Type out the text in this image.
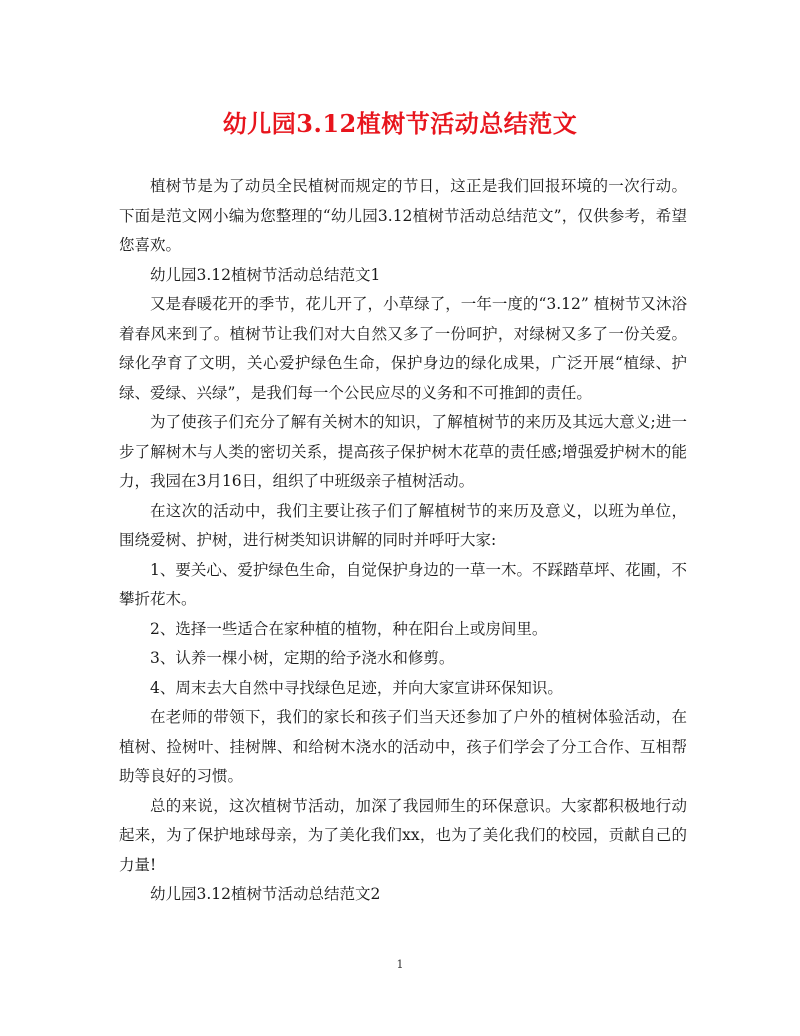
幼儿园3.12植树节活动总结范文

植树节是为了动员全民植树而规定的节日，这正是我们回报环境的一次行动。下面是范文网小编为您整理的“幼儿园3.12植树节活动总结范文”，仅供参考，希望您喜欢。

幼儿园3.12植树节活动总结范文1

又是春暖花开的季节，花儿开了，小草绿了，一年一度的“3.12” 植树节又沐浴着春风来到了。植树节让我们对大自然又多了一份呵护，对绿树又多了一份关爱。绿化孕育了文明，关心爱护绿色生命，保护身边的绿化成果，广泛开展“植绿、护绿、爱绿、兴绿”，是我们每一个公民应尽的义务和不可推卸的责任。

为了使孩子们充分了解有关树木的知识，了解植树节的来历及其远大意义;进一步了解树木与人类的密切关系，提高孩子保护树木花草的责任感;增强爱护树木的能力，我园在3月16日，组织了中班级亲子植树活动。

在这次的活动中，我们主要让孩子们了解植树节的来历及意义，以班为单位，围绕爱树、护树，进行树类知识讲解的同时并呼吁大家:

1、要关心、爱护绿色生命，自觉保护身边的一草一木。不踩踏草坪、花圃，不攀折花木。

2、选择一些适合在家种植的植物，种在阳台上或房间里。

3、认养一棵小树，定期的给予浇水和修剪。

4、周末去大自然中寻找绿色足迹，并向大家宣讲环保知识。

在老师的带领下，我们的家长和孩子们当天还参加了户外的植树体验活动，在植树、捡树叶、挂树牌、和给树木浇水的活动中，孩子们学会了分工合作、互相帮助等良好的习惯。

总的来说，这次植树节活动，加深了我园师生的环保意识。大家都积极地行动起来，为了保护地球母亲，为了美化我们xx，也为了美化我们的校园，贡献自己的力量!

幼儿园3.12植树节活动总结范文2

1
